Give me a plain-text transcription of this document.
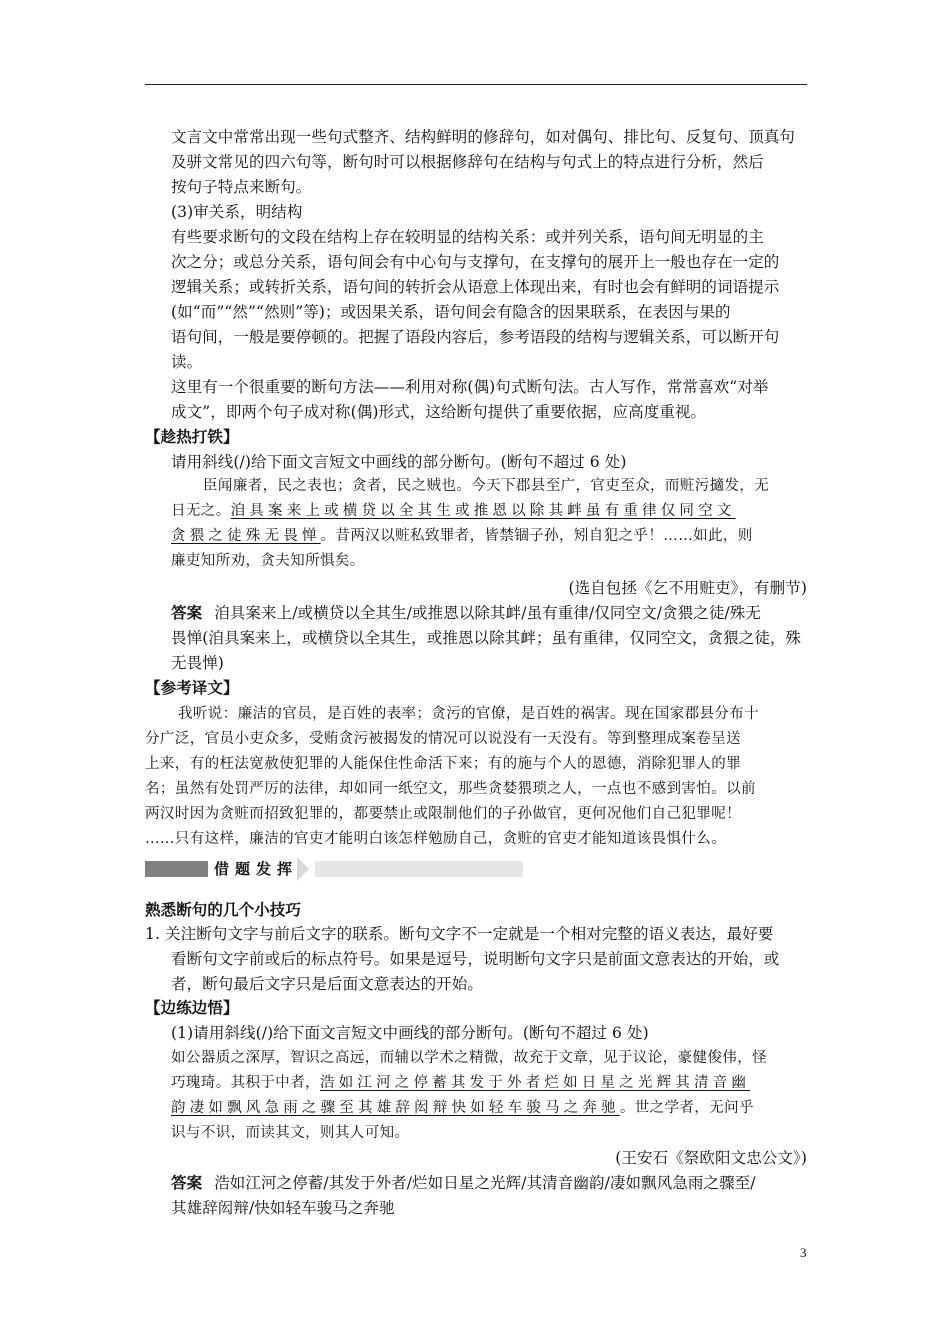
文言文中常常出现一些句式整齐、结构鲜明的修辞句，如对偶句、排比句、反复句、顶真句
及骈文常见的四六句等，断句时可以根据修辞句在结构与句式上的特点进行分析，然后
按句子特点来断句。
(3)审关系，明结构
有些要求断句的文段在结构上存在较明显的结构关系：或并列关系，语句间无明显的主
次之分；或总分关系，语句间会有中心句与支撑句，在支撑句的展开上一般也存在一定的
逻辑关系；或转折关系，语句间的转折会从语意上体现出来，有时也会有鲜明的词语提示
(如“而”“然”“然则”等)；或因果关系，语句间会有隐含的因果联系，在表因与果的
语句间，一般是要停顿的。把握了语段内容后，参考语段的结构与逻辑关系，可以断开句
读。
这里有一个很重要的断句方法——利用对称(偶)句式断句法。古人写作，常常喜欢“对举
成文”，即两个句子成对称(偶)形式，这给断句提供了重要依据，应高度重视。
【趁热打铁】
请用斜线(/)给下面文言短文中画线的部分断句。(断句不超过 6 处)
臣闻廉者，民之表也；贪者，民之贼也。今天下郡县至广，官吏至众，而赃污擿发，无
日无之。洎具案来上或横贷以全其生或推恩以除其衅虽有重律仅同空文
贪猥之徒殊无畏惮。昔两汉以赃私致罪者，皆禁锢子孙，矧自犯之乎！……如此，则
廉吏知所劝，贪夫知所惧矣。
(选自包拯《乞不用赃吏》，有删节)
答案 洎具案来上/或横贷以全其生/或推恩以除其衅/虽有重律/仅同空文/贪猥之徒/殊无
畏惮(洎具案来上，或横贷以全其生，或推恩以除其衅；虽有重律，仅同空文，贪猥之徒，殊
无畏惮)
【参考译文】
我听说：廉洁的官员，是百姓的表率；贪污的官僚，是百姓的祸害。现在国家郡县分布十
分广泛，官员小吏众多，受贿贪污被揭发的情况可以说没有一天没有。等到整理成案卷呈送
上来，有的枉法宽赦使犯罪的人能保住性命活下来；有的施与个人的恩德，消除犯罪人的罪
名；虽然有处罚严厉的法律，却如同一纸空文，那些贪婪猥琐之人，一点也不感到害怕。以前
两汉时因为贪赃而招致犯罪的，都要禁止或限制他们的子孙做官，更何况他们自己犯罪呢！
……只有这样，廉洁的官吏才能明白该怎样勉励自己，贪赃的官吏才能知道该畏惧什么。
借题发挥
熟悉断句的几个小技巧
1. 关注断句文字与前后文字的联系。断句文字不一定就是一个相对完整的语义表达，最好要
看断句文字前或后的标点符号。如果是逗号，说明断句文字只是前面文意表达的开始，或
者，断句最后文字只是后面文意表达的开始。
【边练边悟】
(1)请用斜线(/)给下面文言短文中画线的部分断句。(断句不超过 6 处)
如公器质之深厚，智识之高远，而辅以学术之精微，故充于文章，见于议论，豪健俊伟，怪
巧瑰琦。其积于中者，浩如江河之停蓄其发于外者烂如日星之光辉其清音幽
韵凄如飘风急雨之骤至其雄辞闳辩快如轻车骏马之奔驰。世之学者，无问乎
识与不识，而读其文，则其人可知。
(王安石《祭欧阳文忠公文》)
答案 浩如江河之停蓄/其发于外者/烂如日星之光辉/其清音幽韵/凄如飘风急雨之骤至/
其雄辞闳辩/快如轻车骏马之奔驰
3
